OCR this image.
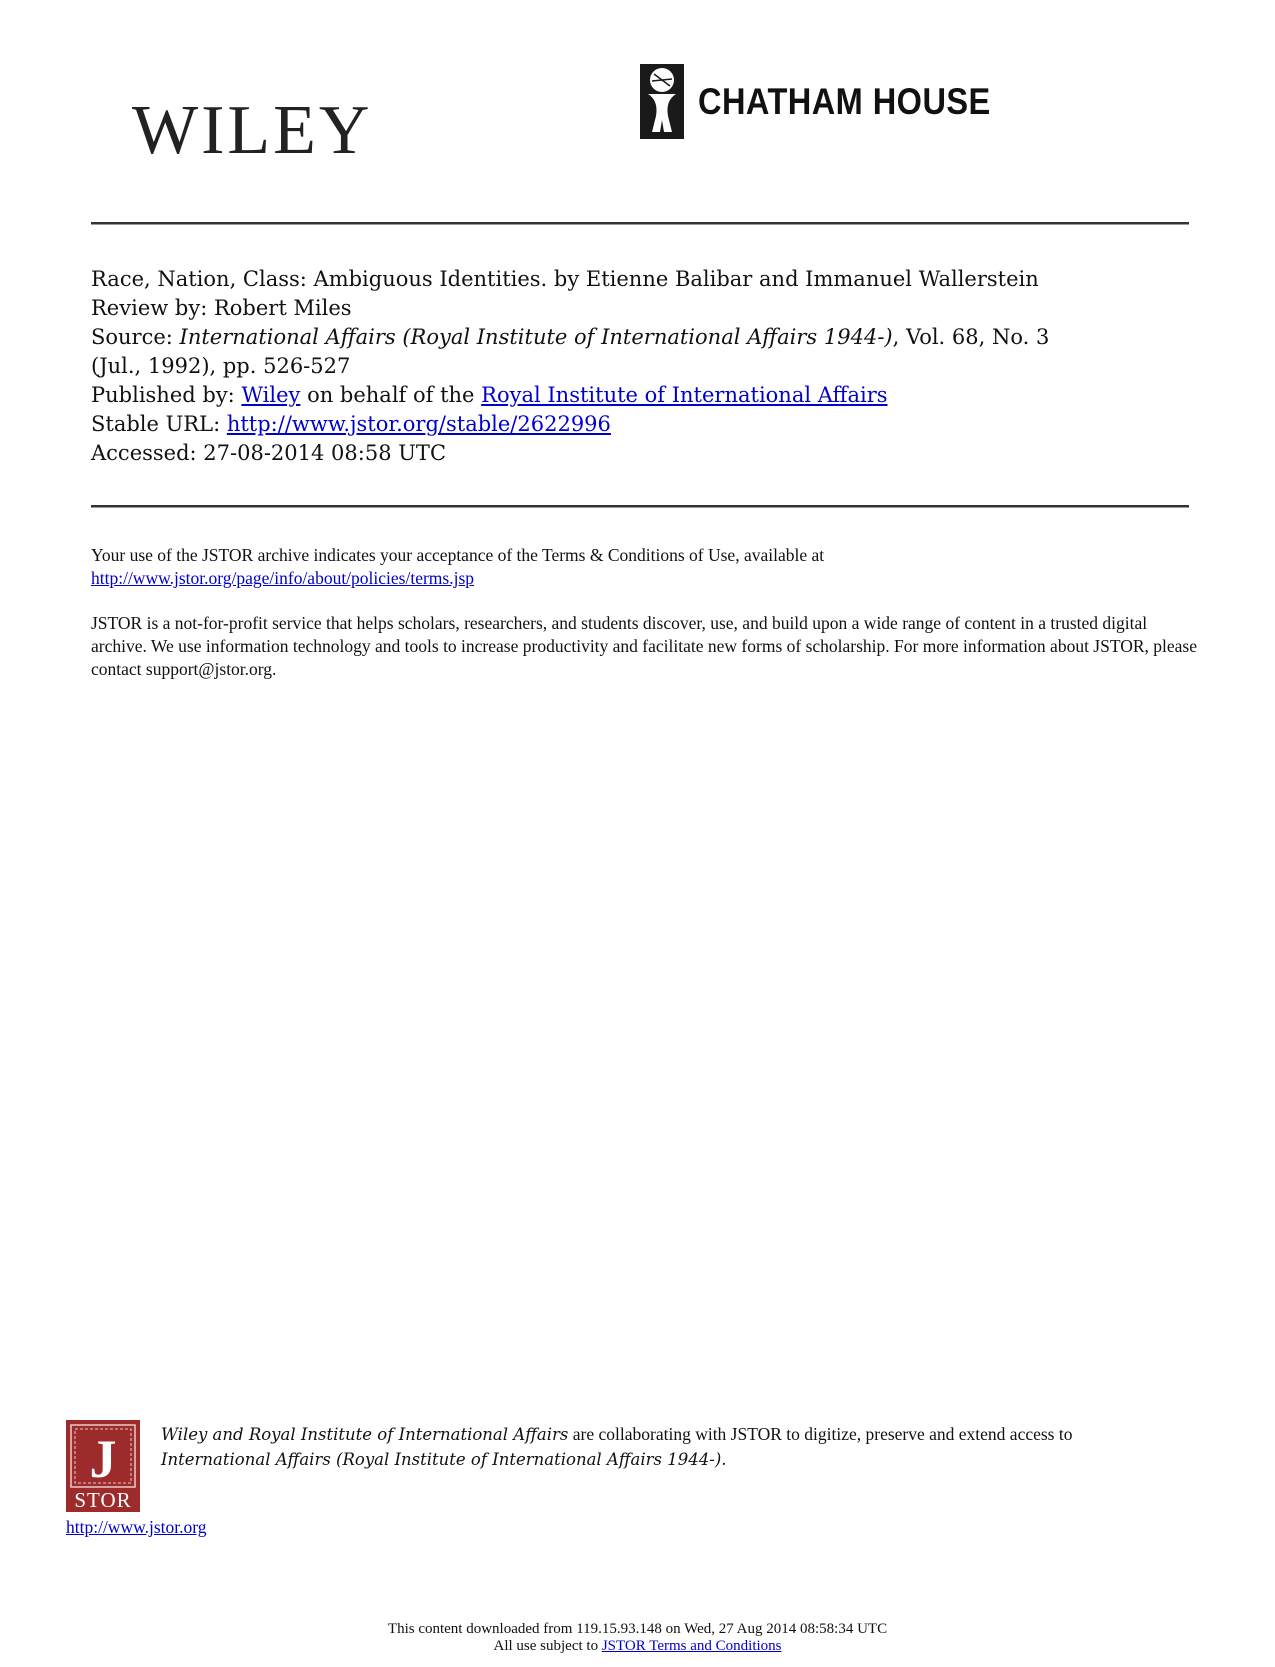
WILEY	CHATHAM HOUSE
Race, Nation, Class: Ambiguous Identities. by Etienne Balibar and Immanuel Wallerstein
Review by: Robert Miles
Source: International Affairs (Royal Institute of International Affairs 1944-), Vol. 68, No. 3
(Jul., 1992), pp. 526-527
Published by: Wiley on behalf of the Royal Institute of International Affairs
Stable URL: http://www.jstor.org/stable/2622996
Accessed: 27-08-2014 08:58 UTC
Your use of the JSTOR archive indicates your acceptance of the Terms & Conditions of Use, available at
http://www.jstor.org/page/info/about/policies/terms.jsp
JSTOR is a not-for-profit service that helps scholars, researchers, and students discover, use, and build upon a wide range of content in a trusted digital archive. We use information technology and tools to increase productivity and facilitate new forms of scholarship. For more information about JSTOR, please contact support@jstor.org.
J
STOR
Wiley and Royal Institute of International Affairs are collaborating with JSTOR to digitize, preserve and extend access to
International Affairs (Royal Institute of International Affairs 1944-).
http://www.jstor.org
This content downloaded from 119.15.93.148 on Wed, 27 Aug 2014 08:58:34 UTC
All use subject to JSTOR Terms and Conditions
